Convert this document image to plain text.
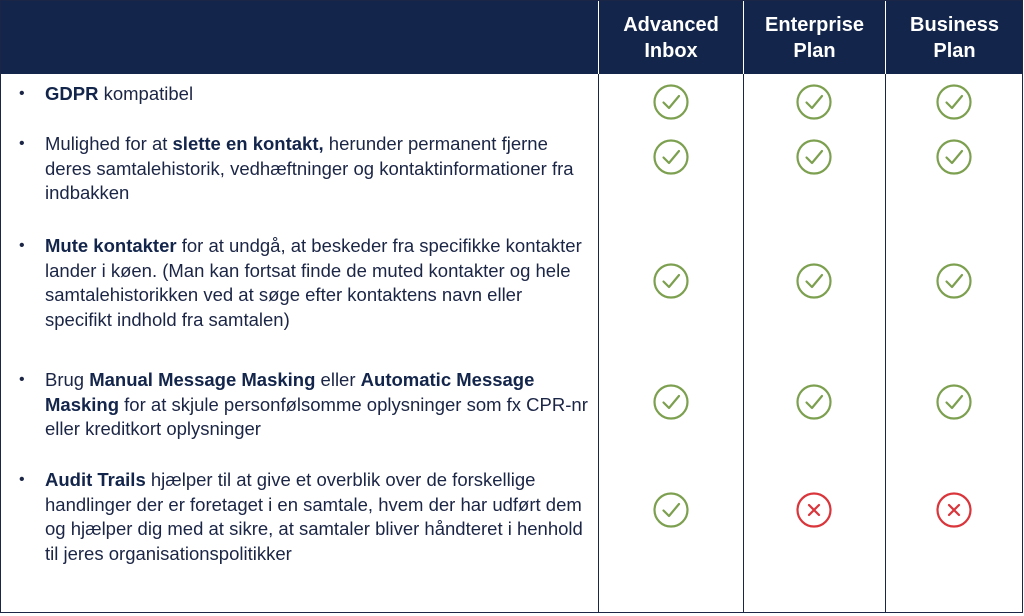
Advanced
Inbox
Enterprise
Plan
Business
Plan
• GDPR kompatibel
• Mulighed for at slette en kontakt, herunder permanent fjerne deres samtalehistorik, vedhæftninger og kontaktinformationer fra indbakken
• Mute kontakter for at undgå, at beskeder fra specifikke kontakter lander i køen. (Man kan fortsat finde de muted kontakter og hele samtalehistorikken ved at søge efter kontaktens navn eller specifikt indhold fra samtalen)
• Brug Manual Message Masking eller Automatic Message Masking for at skjule personfølsomme oplysninger som fx CPR-nr eller kreditkort oplysninger
• Audit Trails hjælper til at give et overblik over de forskellige handlinger der er foretaget i en samtale, hvem der har udført dem og hjælper dig med at sikre, at samtaler bliver håndteret i henhold til jeres organisationspolitikker
